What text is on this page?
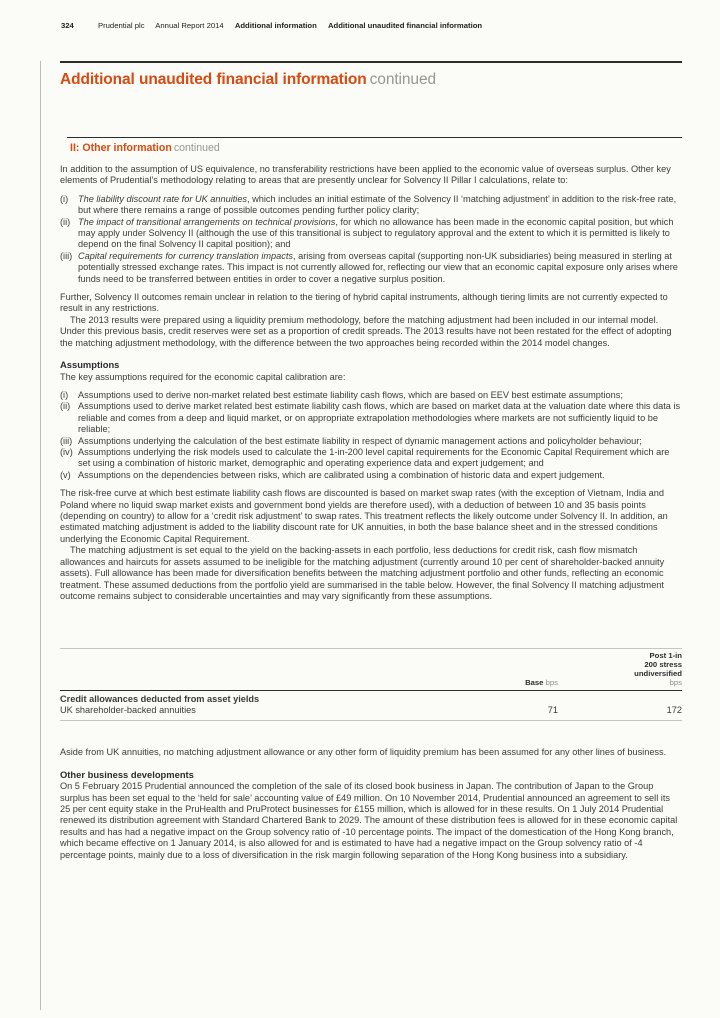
324	Prudential plc Annual Report 2014 Additional information Additional unaudited financial information
Additional unaudited financial information continued
II: Other information continued

In addition to the assumption of US equivalence, no transferability restrictions have been applied to the economic value of overseas surplus. Other key elements of Prudential’s methodology relating to areas that are presently unclear for Solvency II Pillar I calculations, relate to:

(i) The liability discount rate for UK annuities, which includes an initial estimate of the Solvency II ‘matching adjustment’ in addition to the risk-free rate, but where there remains a range of possible outcomes pending further policy clarity;
(ii) The impact of transitional arrangements on technical provisions, for which no allowance has been made in the economic capital position, but which may apply under Solvency II (although the use of this transitional is subject to regulatory approval and the extent to which it is permitted is likely to depend on the final Solvency II capital position); and
(iii) Capital requirements for currency translation impacts, arising from overseas capital (supporting non-UK subsidiaries) being measured in sterling at potentially stressed exchange rates. This impact is not currently allowed for, reflecting our view that an economic capital exposure only arises where funds need to be transferred between entities in order to cover a negative surplus position.

Further, Solvency II outcomes remain unclear in relation to the tiering of hybrid capital instruments, although tiering limits are not currently expected to result in any restrictions.

The 2013 results were prepared using a liquidity premium methodology, before the matching adjustment had been included in our internal model. Under this previous basis, credit reserves were set as a proportion of credit spreads. The 2013 results have not been restated for the effect of adopting the matching adjustment methodology, with the difference between the two approaches being recorded within the 2014 model changes.

Assumptions

The key assumptions required for the economic capital calibration are:

(i) Assumptions used to derive non-market related best estimate liability cash flows, which are based on EEV best estimate assumptions;
(ii) Assumptions used to derive market related best estimate liability cash flows, which are based on market data at the valuation date where this data is reliable and comes from a deep and liquid market, or on appropriate extrapolation methodologies where markets are not sufficiently liquid to be reliable;
(iii) Assumptions underlying the calculation of the best estimate liability in respect of dynamic management actions and policyholder behaviour;
(iv) Assumptions underlying the risk models used to calculate the 1-in-200 level capital requirements for the Economic Capital Requirement which are set using a combination of historic market, demographic and operating experience data and expert judgement; and
(v) Assumptions on the dependencies between risks, which are calibrated using a combination of historic data and expert judgement.

The risk-free curve at which best estimate liability cash flows are discounted is based on market swap rates (with the exception of Vietnam, India and Poland where no liquid swap market exists and government bond yields are therefore used), with a deduction of between 10 and 35 basis points (depending on country) to allow for a ‘credit risk adjustment’ to swap rates. This treatment reflects the likely outcome under Solvency II. In addition, an estimated matching adjustment is added to the liability discount rate for UK annuities, in both the base balance sheet and in the stressed conditions underlying the Economic Capital Requirement.

The matching adjustment is set equal to the yield on the backing-assets in each portfolio, less deductions for credit risk, cash flow mismatch allowances and haircuts for assets assumed to be ineligible for the matching adjustment (currently around 10 per cent of shareholder-backed annuity assets). Full allowance has been made for diversification benefits between the matching adjustment portfolio and other funds, reflecting an economic treatment. These assumed deductions from the portfolio yield are summarised in the table below. However, the final Solvency II matching adjustment outcome remains subject to considerable uncertainties and may vary significantly from these assumptions.

Base bps
Post 1-in
200 stress
undiversified
bps
Credit allowances deducted from asset yields
UK shareholder-backed annuities	71	172

Aside from UK annuities, no matching adjustment allowance or any other form of liquidity premium has been assumed for any other lines of business.

Other business developments

On 5 February 2015 Prudential announced the completion of the sale of its closed book business in Japan. The contribution of Japan to the Group surplus has been set equal to the ‘held for sale’ accounting value of £49 million. On 10 November 2014, Prudential announced an agreement to sell its 25 per cent equity stake in the PruHealth and PruProtect businesses for £155 million, which is allowed for in these results. On 1 July 2014 Prudential renewed its distribution agreement with Standard Chartered Bank to 2029. The amount of these distribution fees is allowed for in these economic capital results and has had a negative impact on the Group solvency ratio of -10 percentage points. The impact of the domestication of the Hong Kong branch, which became effective on 1 January 2014, is also allowed for and is estimated to have had a negative impact on the Group solvency ratio of -4 percentage points, mainly due to a loss of diversification in the risk margin following separation of the Hong Kong business into a subsidiary.
